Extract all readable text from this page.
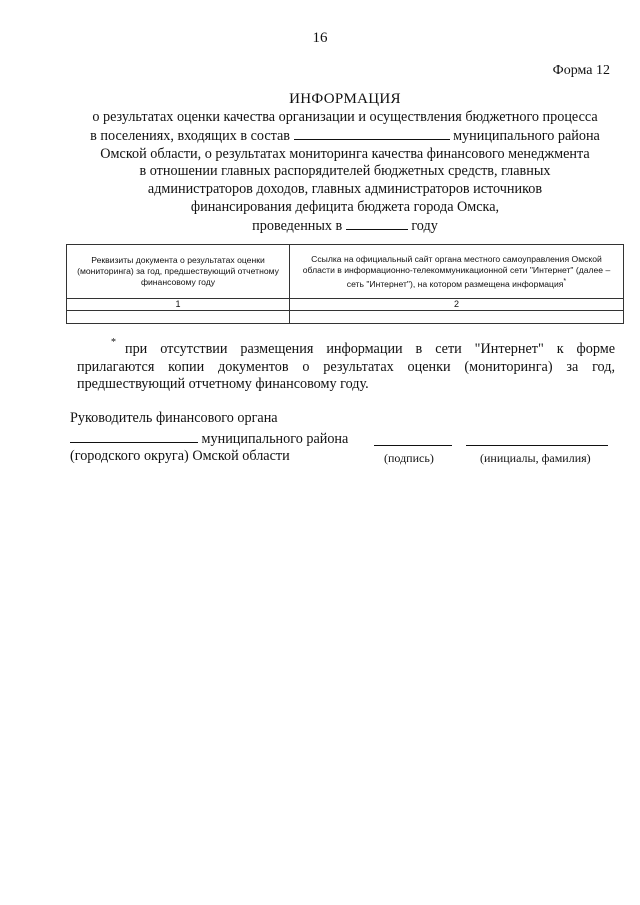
16
Форма 12
ИНФОРМАЦИЯ
о результатах оценки качества организации и осуществления бюджетного процесса
в поселениях, входящих в состав	муниципального района
Омской области, о результатах мониторинга качества финансового менеджмента
в отношении главных распорядителей бюджетных средств, главных
администраторов доходов, главных администраторов источников
финансирования дефицита бюджета города Омска,
проведенных в	году
Реквизиты документа о результатах оценки (мониторинга) за год, предшествующий отчетному финансовому году	Ссылка на официальный сайт органа местного самоуправления Омской области в информационно-телекоммуникационной сети "Интернет" (далее – сеть "Интернет"), на котором размещена информация*
1	2

* при отсутствии размещения информации в сети "Интернет" к форме прилагаются копии документов о результатах оценки (мониторинга) за год, предшествующий отчетному финансовому году.
Руководитель финансового органа
муниципального района
(городского округа) Омской области	(подпись)	(инициалы, фамилия)
